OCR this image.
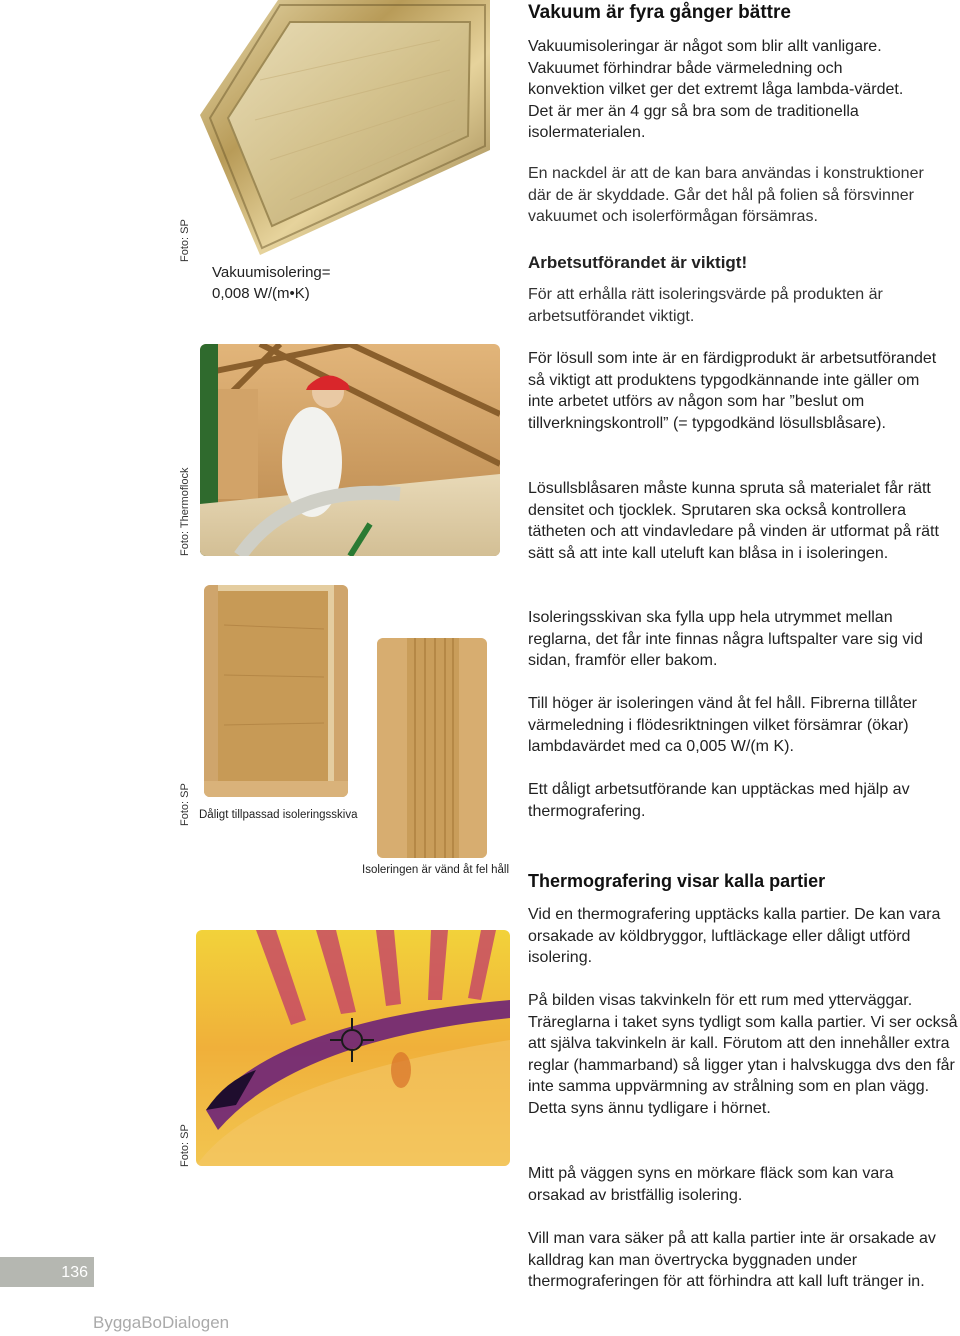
Vakuum är fyra gånger bättre

Vakuumisoleringar är något som blir allt vanligare. Vakuumet förhindrar både värmeledning och konvektion vilket ger det extremt låga lambda-värdet. Det är mer än 4 ggr så bra som de traditionella isolermaterialen.

En nackdel är att de kan bara användas i konstruktioner där de är skyddade. Går det hål på folien så försvinner vakuumet och isolerförmågan försämras.

Arbetsutförandet är viktigt!

För att erhålla rätt isoleringsvärde på produkten är arbetsutförandet viktigt.

För lösull som inte är en färdigprodukt är arbetsutförandet så viktigt att produktens typgodkännande inte gäller om inte arbetet utförs av någon som har ”beslut om tillverkningskontroll” (= typgodkänd lösullsblåsare).

Lösullsblåsaren måste kunna spruta så materialet får rätt densitet och tjocklek. Sprutaren ska också kontrollera tätheten och att vindavledare på vinden är utformat på rätt sätt så att inte kall uteluft kan blåsa in i isoleringen.

Isoleringsskivan ska fylla upp hela utrymmet mellan reglarna, det får inte finnas några luftspalter vare sig vid sidan, framför eller bakom.

Till höger är isoleringen vänd åt fel håll. Fibrerna tillåter värmeledning i flödesriktningen vilket försämrar (ökar) lambdavärdet med ca 0,005 W/(m K).

Ett dåligt arbetsutförande kan upptäckas med hjälp av thermografering.

Thermografering visar kalla partier

Vid en thermografering upptäcks kalla partier. De kan vara orsakade av köldbryggor, luftläckage eller dåligt utförd isolering.

På bilden visas takvinkeln för ett rum med ytterväggar. Träreglarna i taket syns tydligt som kalla partier. Vi ser också att själva takvinkeln är kall. Förutom att den innehåller extra reglar (hammarband) så ligger ytan i halvskugga dvs den får inte samma uppvärmning av strålning som en plan vägg. Detta syns ännu tydligare i hörnet.

Mitt på väggen syns en mörkare fläck som kan vara orsakad av bristfällig isolering.

Vill man vara säker på att kalla partier inte är orsakade av kalldrag kan man övertrycka byggnaden under thermograferingen för att förhindra att kall luft tränger in.

Foto: SP
Vakuumisolering=
0,008 W/(m•K)
Foto: Thermoflock
Foto: SP Dåligt tillpassad isoleringsskiva
Isoleringen är vänd åt fel håll
Foto: SP
136
ByggaBoDialogen
